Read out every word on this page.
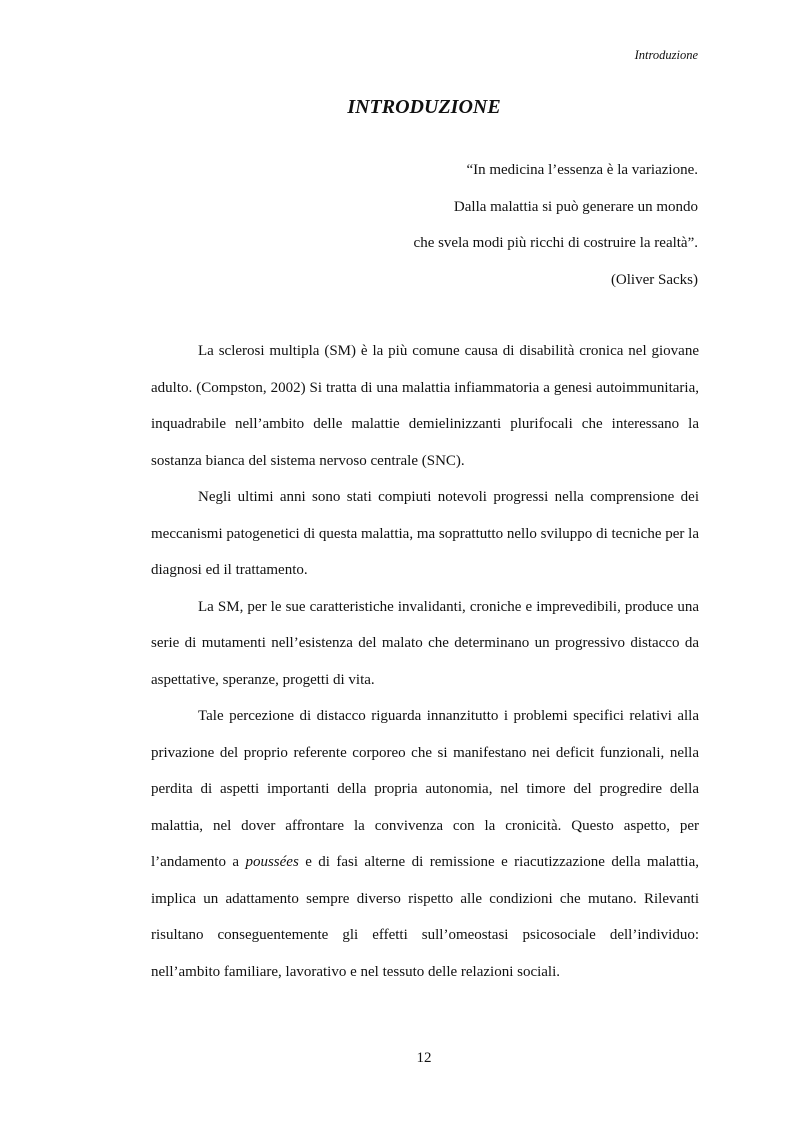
Introduzione
INTRODUZIONE
“In medicina l’essenza è la variazione.
Dalla malattia si può generare un mondo
che svela modi più ricchi di costruire la realtà”.
(Oliver Sacks)

La sclerosi multipla (SM) è la più comune causa di disabilità cronica nel giovane adulto. (Compston, 2002) Si tratta di una malattia infiammatoria a genesi autoimmunitaria, inquadrabile nell’ambito delle malattie demielinizzanti plurifocali che interessano la sostanza bianca del sistema nervoso centrale (SNC).

Negli ultimi anni sono stati compiuti notevoli progressi nella comprensione dei meccanismi patogenetici di questa malattia, ma soprattutto nello sviluppo di tecniche per la diagnosi ed il trattamento.

La SM, per le sue caratteristiche invalidanti, croniche e imprevedibili, produce una serie di mutamenti nell’esistenza del malato che determinano un progressivo distacco da aspettative, speranze, progetti di vita.

Tale percezione di distacco riguarda innanzitutto i problemi specifici relativi alla privazione del proprio referente corporeo che si manifestano nei deficit funzionali, nella perdita di aspetti importanti della propria autonomia, nel timore del progredire della malattia, nel dover affrontare la convivenza con la cronicità. Questo aspetto, per l’andamento a poussées e di fasi alterne di remissione e riacutizzazione della malattia, implica un adattamento sempre diverso rispetto alle condizioni che mutano. Rilevanti risultano conseguentemente gli effetti sull’omeostasi psicosociale dell’individuo: nell’ambito familiare, lavorativo e nel tessuto delle relazioni sociali.

12
